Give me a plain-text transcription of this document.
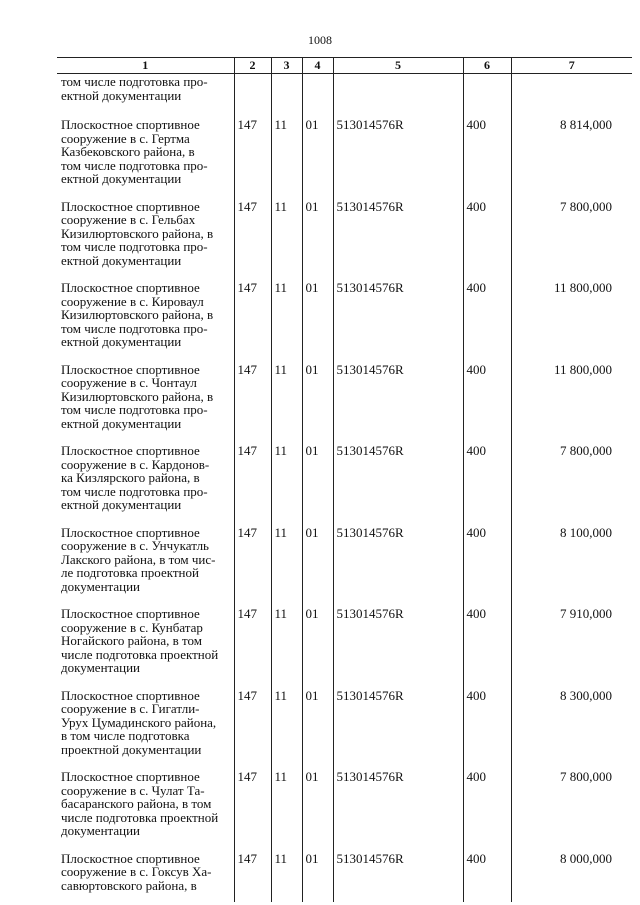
1008
1	2	3	4	5	6	7
том числе подготовка про-
ектной документации						
Плоскостное спортивное
сооружение в с. Гертма
Казбековского района, в
том числе подготовка про-
ектной документации	147	11	01	513014576R	400	8 814,000
Плоскостное спортивное
сооружение в с. Гельбах
Кизилюртовского района, в
том числе подготовка про-
ектной документации	147	11	01	513014576R	400	7 800,000
Плоскостное спортивное
сооружение в с. Кироваул
Кизилюртовского района, в
том числе подготовка про-
ектной документации	147	11	01	513014576R	400	11 800,000
Плоскостное спортивное
сооружение в с. Чонтаул
Кизилюртовского района, в
том числе подготовка про-
ектной документации	147	11	01	513014576R	400	11 800,000
Плоскостное спортивное
сооружение в с. Кардонов-
ка Кизлярского района, в
том числе подготовка про-
ектной документации	147	11	01	513014576R	400	7 800,000
Плоскостное спортивное
сооружение в с. Унчукатль
Лакского района, в том чис-
ле подготовка проектной
документации	147	11	01	513014576R	400	8 100,000
Плоскостное спортивное
сооружение в с. Кунбатар
Ногайского района, в том
числе подготовка проектной
документации	147	11	01	513014576R	400	7 910,000
Плоскостное спортивное
сооружение в с. Гигатли-
Урух Цумадинского района,
в том числе подготовка
проектной документации	147	11	01	513014576R	400	8 300,000
Плоскостное спортивное
сооружение в с. Чулат Та-
басаранского района, в том
числе подготовка проектной
документации	147	11	01	513014576R	400	7 800,000
Плоскостное спортивное
сооружение в с. Гоксув Ха-
савюртовского района, в	147	11	01	513014576R	400	8 000,000
